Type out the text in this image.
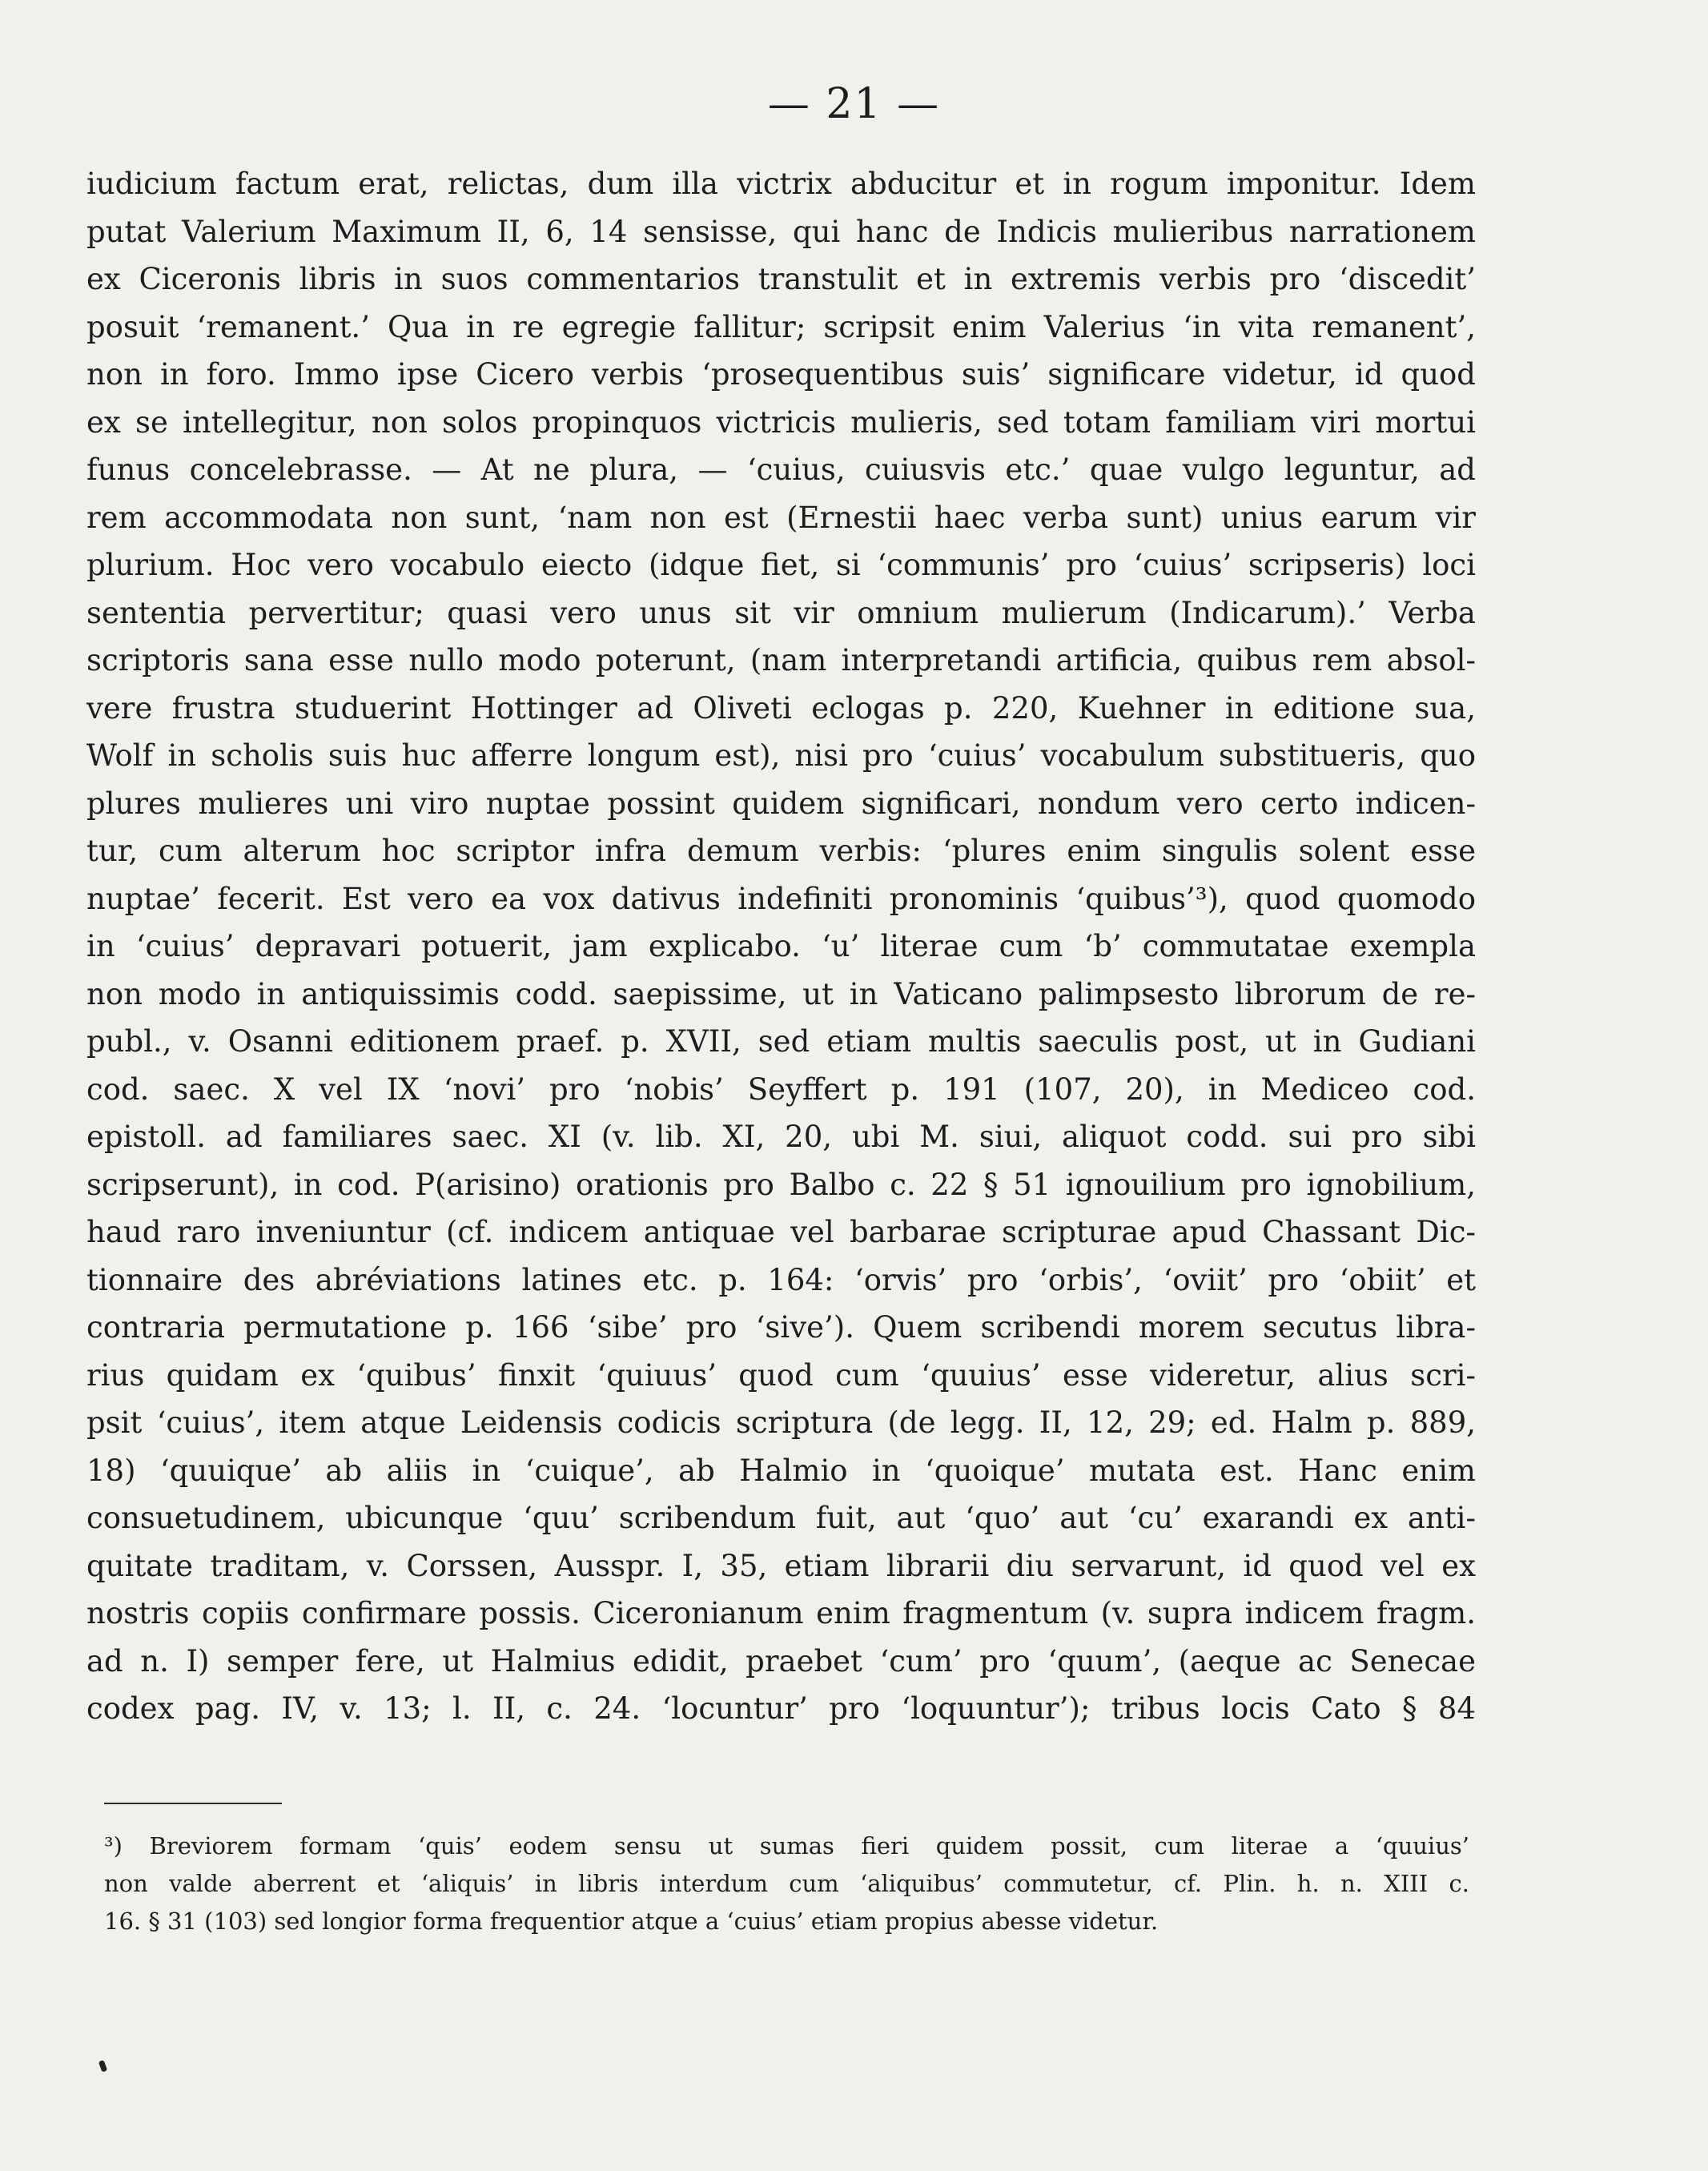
— 21 —
iudicium factum erat, relictas, dum illa victrix abducitur et in rogum imponitur. Idem
putat Valerium Maximum II, 6, 14 sensisse, qui hanc de Indicis mulieribus narrationem
ex Ciceronis libris in suos commentarios transtulit et in extremis verbis pro ‘discedit’
posuit ‘remanent.’ Qua in re egregie fallitur; scripsit enim Valerius ‘in vita remanent’,
non in foro. Immo ipse Cicero verbis ‘prosequentibus suis’ significare videtur, id quod
ex se intellegitur, non solos propinquos victricis mulieris, sed totam familiam viri mortui
funus concelebrasse. — At ne plura, — ‘cuius, cuiusvis etc.’ quae vulgo leguntur, ad
rem accommodata non sunt, ‘nam non est (Ernestii haec verba sunt) unius earum vir
plurium. Hoc vero vocabulo eiecto (idque fiet, si ‘communis’ pro ‘cuius’ scripseris) loci
sententia pervertitur; quasi vero unus sit vir omnium mulierum (Indicarum).’ Verba
scriptoris sana esse nullo modo poterunt, (nam interpretandi artificia, quibus rem absol-
vere frustra studuerint Hottinger ad Oliveti eclogas p. 220, Kuehner in editione sua,
Wolf in scholis suis huc afferre longum est), nisi pro ‘cuius’ vocabulum substitueris, quo
plures mulieres uni viro nuptae possint quidem significari, nondum vero certo indicen-
tur, cum alterum hoc scriptor infra demum verbis: ‘plures enim singulis solent esse
nuptae’ fecerit. Est vero ea vox dativus indefiniti pronominis ‘quibus’³), quod quomodo
in ‘cuius’ depravari potuerit, jam explicabo. ‘u’ literae cum ‘b’ commutatae exempla
non modo in antiquissimis codd. saepissime, ut in Vaticano palimpsesto librorum de re-
publ., v. Osanni editionem praef. p. XVII, sed etiam multis saeculis post, ut in Gudiani
cod. saec. X vel IX ‘novi’ pro ‘nobis’ Seyffert p. 191 (107, 20), in Mediceo cod.
epistoll. ad familiares saec. XI (v. lib. XI, 20, ubi M. siui, aliquot codd. sui pro sibi
scripserunt), in cod. P(arisino) orationis pro Balbo c. 22 § 51 ignouilium pro ignobilium,
haud raro inveniuntur (cf. indicem antiquae vel barbarae scripturae apud Chassant Dic-
tionnaire des abréviations latines etc. p. 164: ‘orvis’ pro ‘orbis’, ‘oviit’ pro ‘obiit’ et
contraria permutatione p. 166 ‘sibe’ pro ‘sive’). Quem scribendi morem secutus libra-
rius quidam ex ‘quibus’ finxit ‘quiuus’ quod cum ‘quuius’ esse videretur, alius scri-
psit ‘cuius’, item atque Leidensis codicis scriptura (de legg. II, 12, 29; ed. Halm p. 889,
18) ‘quuique’ ab aliis in ‘cuique’, ab Halmio in ‘quoique’ mutata est. Hanc enim
consuetudinem, ubicunque ‘quu’ scribendum fuit, aut ‘quo’ aut ‘cu’ exarandi ex anti-
quitate traditam, v. Corssen, Ausspr. I, 35, etiam librarii diu servarunt, id quod vel ex
nostris copiis confirmare possis. Ciceronianum enim fragmentum (v. supra indicem fragm.
ad n. I) semper fere, ut Halmius edidit, praebet ‘cum’ pro ‘quum’, (aeque ac Senecae
codex pag. IV, v. 13; l. II, c. 24. ‘locuntur’ pro ‘loquuntur’); tribus locis Cato § 84
³) Breviorem formam ‘quis’ eodem sensu ut sumas fieri quidem possit, cum literae a ‘quuius’
non valde aberrent et ‘aliquis’ in libris interdum cum ‘aliquibus’ commutetur, cf. Plin. h. n. XIII c.
16. § 31 (103) sed longior forma frequentior atque a ‘cuius’ etiam propius abesse videtur.
